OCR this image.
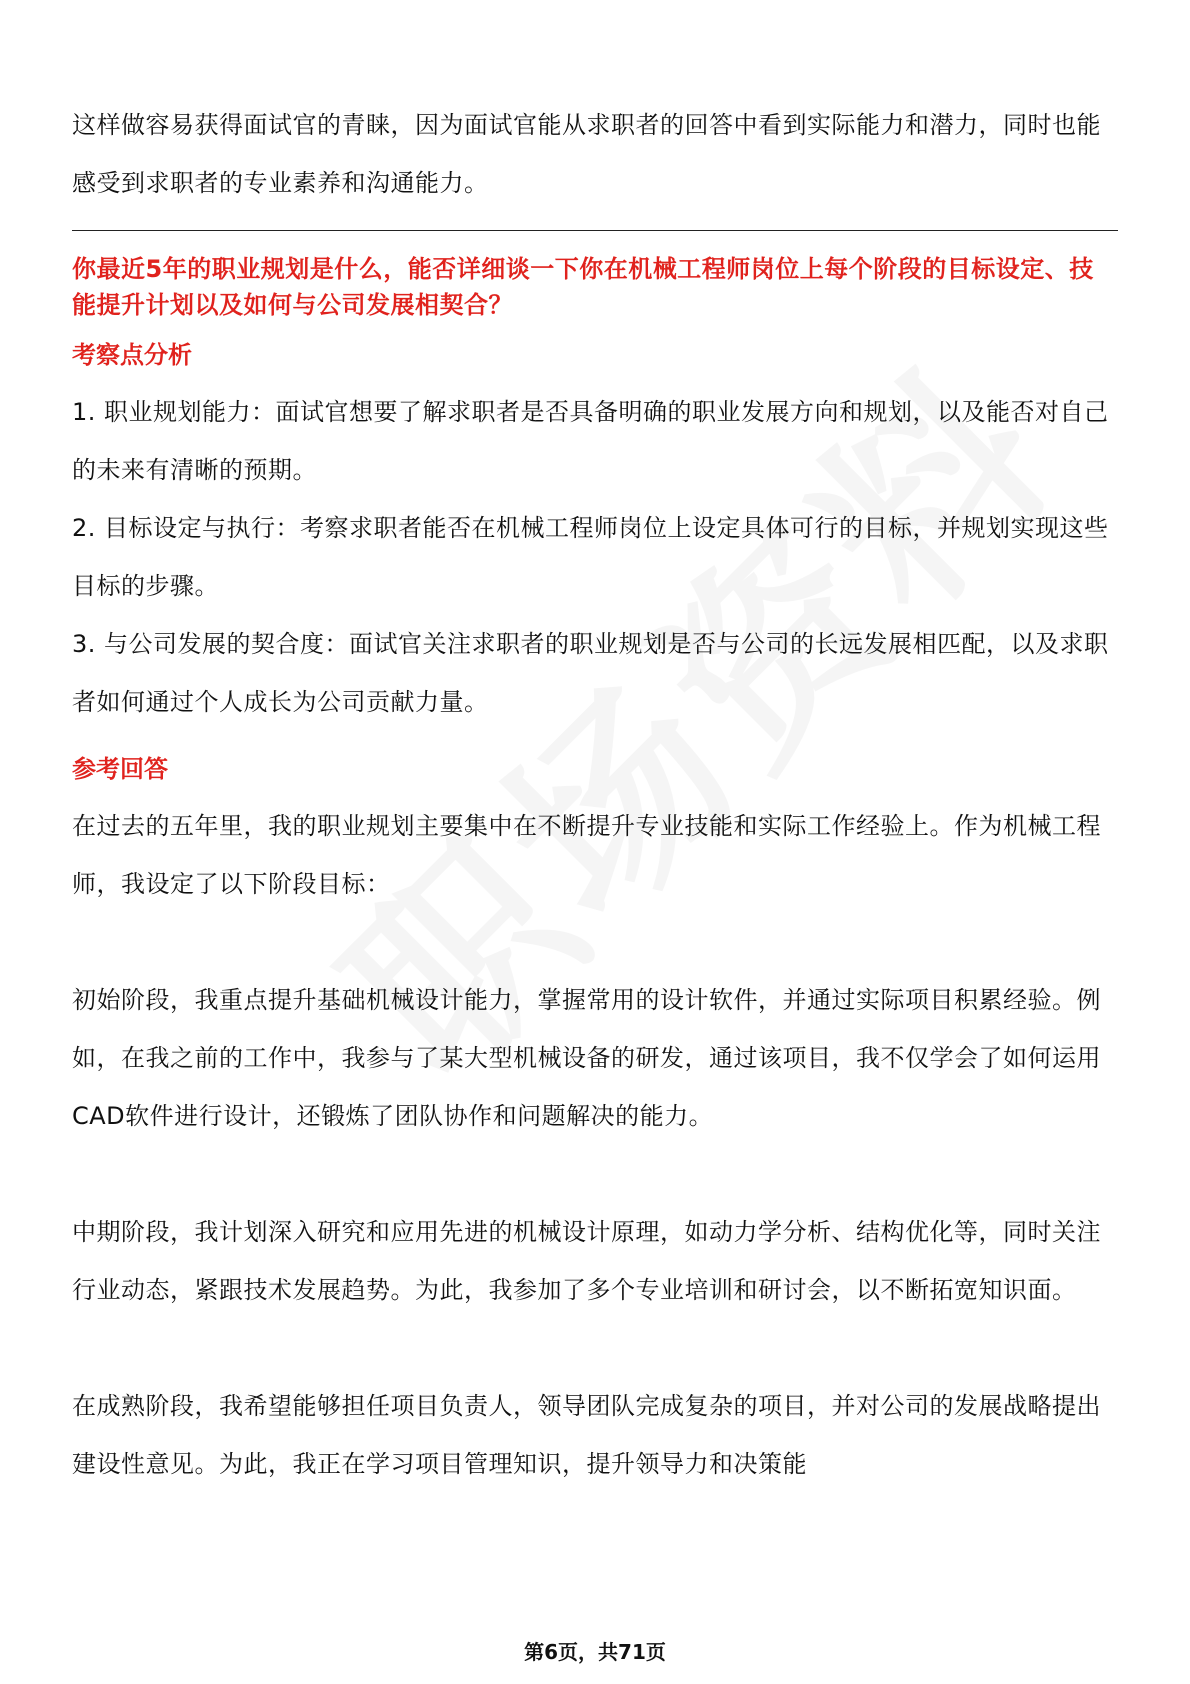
这样做容易获得面试官的青睐，因为面试官能从求职者的回答中看到实际能力和潜力，同时也能感受到求职者的专业素养和沟通能力。

你最近5年的职业规划是什么，能否详细谈一下你在机械工程师岗位上每个阶段的目标设定、技能提升计划以及如何与公司发展相契合？

考察点分析

1. 职业规划能力：面试官想要了解求职者是否具备明确的职业发展方向和规划，以及能否对自己的未来有清晰的预期。

2. 目标设定与执行：考察求职者能否在机械工程师岗位上设定具体可行的目标，并规划实现这些目标的步骤。

3. 与公司发展的契合度：面试官关注求职者的职业规划是否与公司的长远发展相匹配，以及求职者如何通过个人成长为公司贡献力量。

参考回答

在过去的五年里，我的职业规划主要集中在不断提升专业技能和实际工作经验上。作为机械工程师，我设定了以下阶段目标：

初始阶段，我重点提升基础机械设计能力，掌握常用的设计软件，并通过实际项目积累经验。例如，在我之前的工作中，我参与了某大型机械设备的研发，通过该项目，我不仅学会了如何运用CAD软件进行设计，还锻炼了团队协作和问题解决的能力。

中期阶段，我计划深入研究和应用先进的机械设计原理，如动力学分析、结构优化等，同时关注行业动态，紧跟技术发展趋势。为此，我参加了多个专业培训和研讨会，以不断拓宽知识面。

在成熟阶段，我希望能够担任项目负责人，领导团队完成复杂的项目，并对公司的发展战略提出建设性意见。为此，我正在学习项目管理知识，提升领导力和决策能

第6页，共71页
